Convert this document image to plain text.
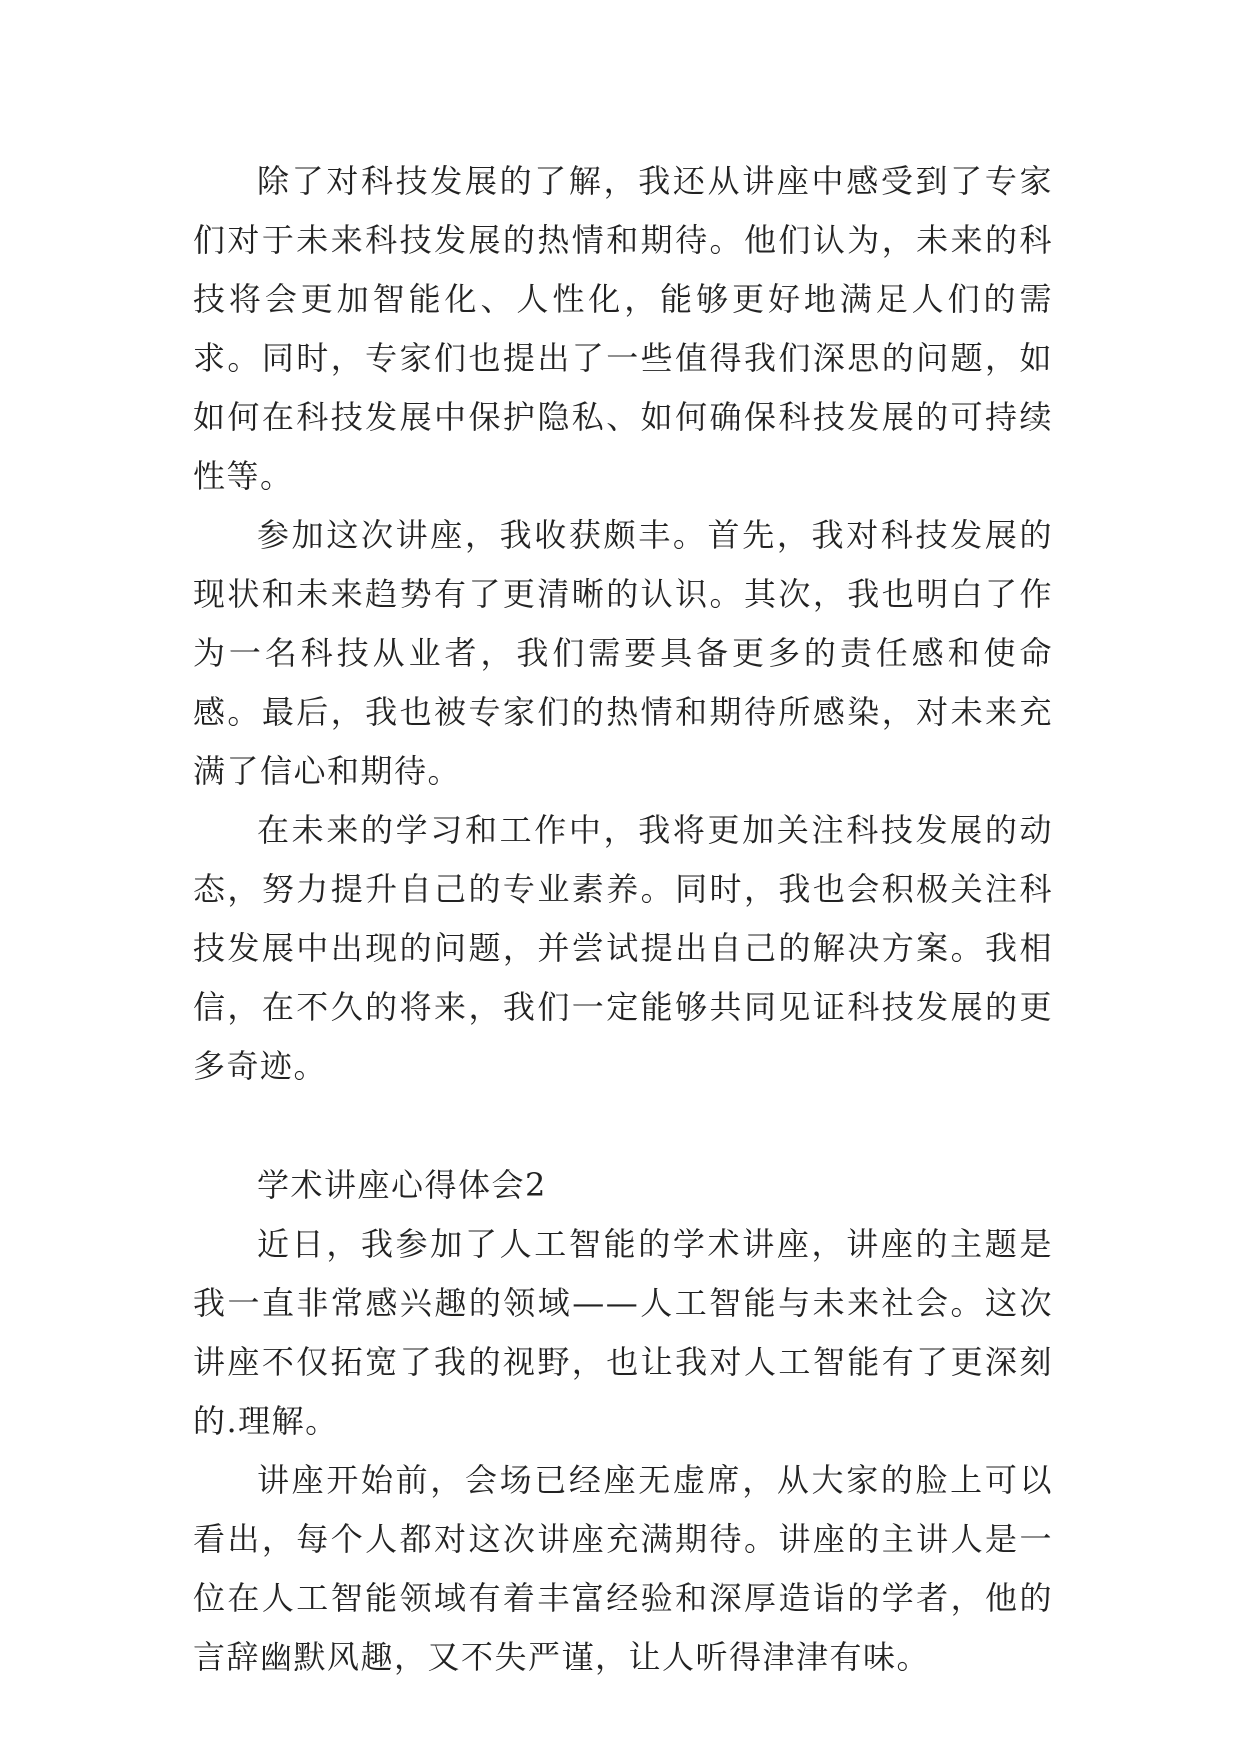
除了对科技发展的了解，我还从讲座中感受到了专家们对于未来科技发展的热情和期待。他们认为，未来的科技将会更加智能化、人性化，能够更好地满足人们的需求。同时，专家们也提出了一些值得我们深思的问题，如如何在科技发展中保护隐私、如何确保科技发展的可持续性等。

参加这次讲座，我收获颇丰。首先，我对科技发展的现状和未来趋势有了更清晰的认识。其次，我也明白了作为一名科技从业者，我们需要具备更多的责任感和使命感。最后，我也被专家们的热情和期待所感染，对未来充满了信心和期待。

在未来的学习和工作中，我将更加关注科技发展的动态，努力提升自己的专业素养。同时，我也会积极关注科技发展中出现的问题，并尝试提出自己的解决方案。我相信，在不久的将来，我们一定能够共同见证科技发展的更多奇迹。

学术讲座心得体会2

近日，我参加了人工智能的学术讲座，讲座的主题是我一直非常感兴趣的领域——人工智能与未来社会。这次讲座不仅拓宽了我的视野，也让我对人工智能有了更深刻的.理解。

讲座开始前，会场已经座无虚席，从大家的脸上可以看出，每个人都对这次讲座充满期待。讲座的主讲人是一位在人工智能领域有着丰富经验和深厚造诣的学者，他的言辞幽默风趣，又不失严谨，让人听得津津有味。
